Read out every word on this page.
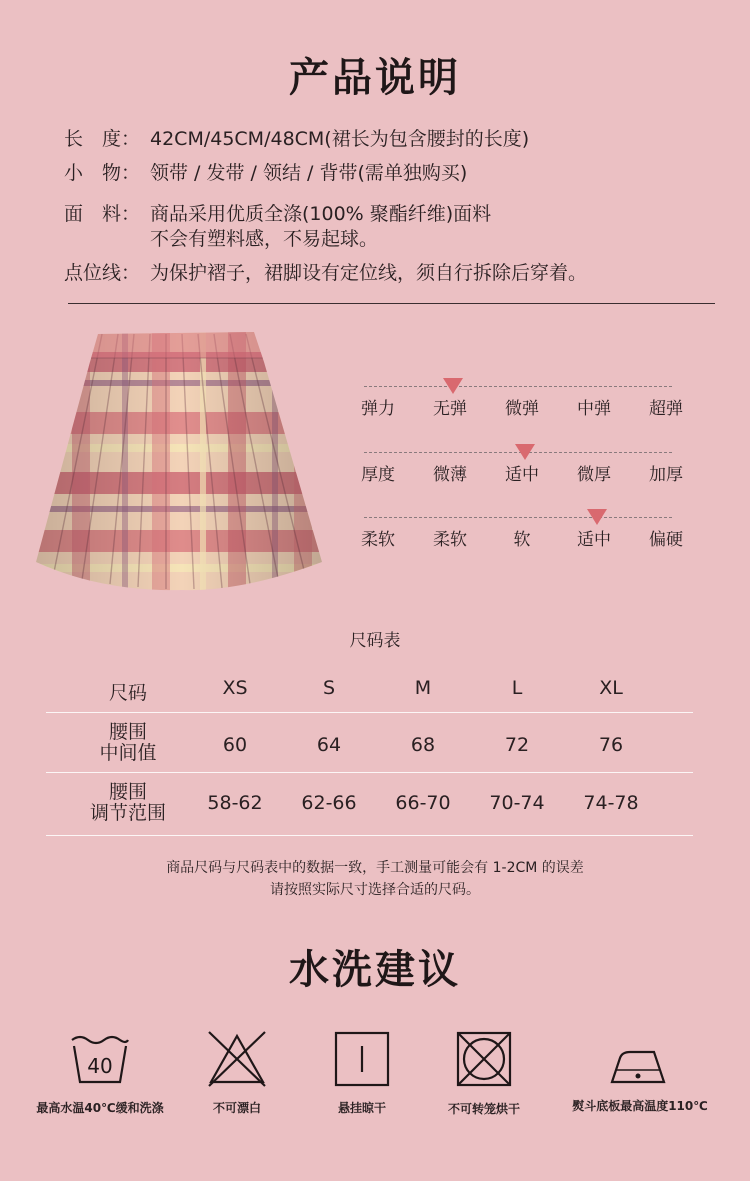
产品说明
长　度： 42CM/45CM/48CM(裙长为包含腰封的长度)
小　物： 领带 / 发带 / 领结 / 背带(需单独购买)
面　料： 商品采用优质全涤(100% 聚酯纤维)面料
不会有塑料感，不易起球。
点位线： 为保护褶子，裙脚设有定位线，须自行拆除后穿着。
弹力	无弹	微弹	中弹	超弹
厚度	微薄	适中	微厚	加厚
柔软	柔软	软	适中	偏硬
尺码表
尺码	XS	S	M	L	XL
腰围
中间值	60	64	68	72	76
腰围
调节范围	58-62	62-66	66-70	70-74	74-78
商品尺码与尺码表中的数据一致，手工测量可能会有 1-2CM 的误差
请按照实际尺寸选择合适的尺码。
水洗建议
40
最高水温40℃缓和洗涤	不可漂白	悬挂晾干	不可转笼烘干	熨斗底板最高温度110℃
